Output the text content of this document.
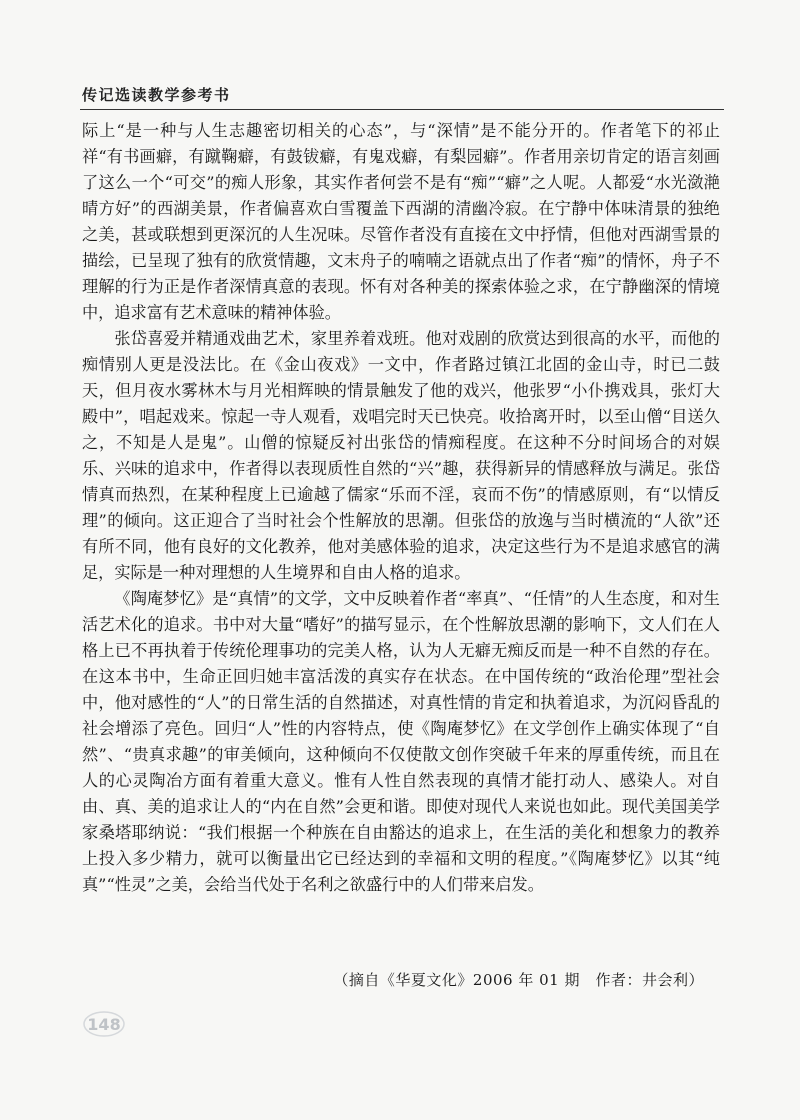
传记选读教学参考书

际上“是一种与人生志趣密切相关的心态”，与“深情”是不能分开的。作者笔下的祁止祥“有书画癖，有蹴鞠癖，有鼓钹癖，有鬼戏癖，有梨园癖”。作者用亲切肯定的语言刻画了这么一个“可交”的痴人形象，其实作者何尝不是有“痴”“癖”之人呢。人都爱“水光潋滟晴方好”的西湖美景，作者偏喜欢白雪覆盖下西湖的清幽冷寂。在宁静中体味清景的独绝之美，甚或联想到更深沉的人生况味。尽管作者没有直接在文中抒情，但他对西湖雪景的描绘，已呈现了独有的欣赏情趣，文末舟子的喃喃之语就点出了作者“痴”的情怀，舟子不理解的行为正是作者深情真意的表现。怀有对各种美的探索体验之求，在宁静幽深的情境中，追求富有艺术意味的精神体验。

张岱喜爱并精通戏曲艺术，家里养着戏班。他对戏剧的欣赏达到很高的水平，而他的痴情别人更是没法比。在《金山夜戏》一文中，作者路过镇江北固的金山寺，时已二鼓天，但月夜水雾林木与月光相辉映的情景触发了他的戏兴，他张罗“小仆携戏具，张灯大殿中”，唱起戏来。惊起一寺人观看，戏唱完时天已快亮。收拾离开时，以至山僧“目送久之，不知是人是鬼”。山僧的惊疑反衬出张岱的情痴程度。在这种不分时间场合的对娱乐、兴味的追求中，作者得以表现质性自然的“兴”趣，获得新异的情感释放与满足。张岱情真而热烈，在某种程度上已逾越了儒家“乐而不淫，哀而不伤”的情感原则，有“以情反理”的倾向。这正迎合了当时社会个性解放的思潮。但张岱的放逸与当时横流的“人欲”还有所不同，他有良好的文化教养，他对美感体验的追求，决定这些行为不是追求感官的满足，实际是一种对理想的人生境界和自由人格的追求。

《陶庵梦忆》是“真情”的文学，文中反映着作者“率真”、“任情”的人生态度，和对生活艺术化的追求。书中对大量“嗜好”的描写显示，在个性解放思潮的影响下，文人们在人格上已不再执着于传统伦理事功的完美人格，认为人无癖无痴反而是一种不自然的存在。在这本书中，生命正回归她丰富活泼的真实存在状态。在中国传统的“政治伦理”型社会中，他对感性的“人”的日常生活的自然描述，对真性情的肯定和执着追求，为沉闷昏乱的社会增添了亮色。回归“人”性的内容特点，使《陶庵梦忆》在文学创作上确实体现了“自然”、“贵真求趣”的审美倾向，这种倾向不仅使散文创作突破千年来的厚重传统，而且在人的心灵陶冶方面有着重大意义。惟有人性自然表现的真情才能打动人、感染人。对自由、真、美的追求让人的“内在自然”会更和谐。即使对现代人来说也如此。现代美国美学家桑塔耶纳说：“我们根据一个种族在自由豁达的追求上，在生活的美化和想象力的教养上投入多少精力，就可以衡量出它已经达到的幸福和文明的程度。”《陶庵梦忆》以其“纯真”“性灵”之美，会给当代处于名利之欲盛行中的人们带来启发。

（摘自《华夏文化》2006 年 01 期　作者：井会利）
148
